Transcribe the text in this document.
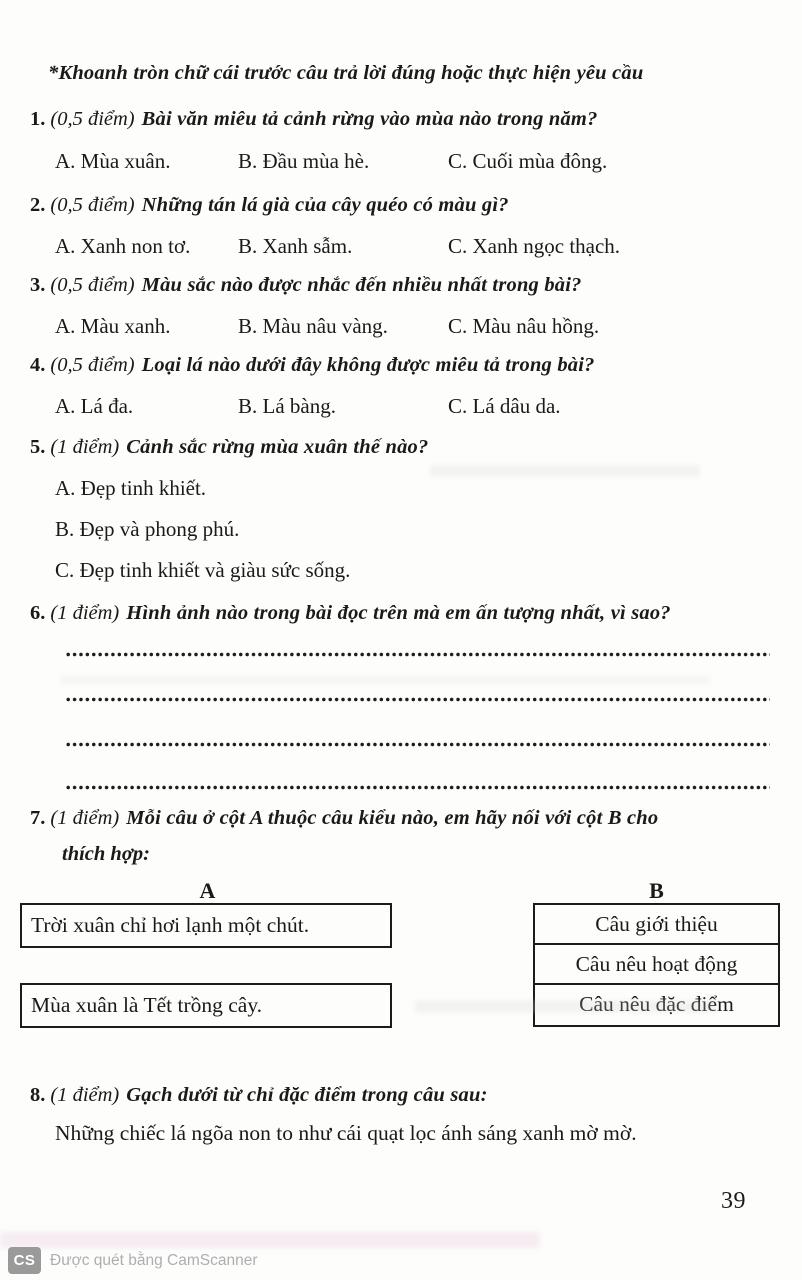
*Khoanh tròn chữ cái trước câu trả lời đúng hoặc thực hiện yêu cầu
1. (0,5 điểm) Bài văn miêu tả cảnh rừng vào mùa nào trong năm?
A. Mùa xuân.	B. Đầu mùa hè.	C. Cuối mùa đông.
2. (0,5 điểm) Những tán lá già của cây quéo có màu gì?
A. Xanh non tơ.	B. Xanh sẫm.	C. Xanh ngọc thạch.
3. (0,5 điểm) Màu sắc nào được nhắc đến nhiều nhất trong bài?
A. Màu xanh.	B. Màu nâu vàng.	C. Màu nâu hồng.
4. (0,5 điểm) Loại lá nào dưới đây không được miêu tả trong bài?
A. Lá đa.	B. Lá bàng.	C. Lá dâu da.
5. (1 điểm) Cảnh sắc rừng mùa xuân thế nào?
A. Đẹp tinh khiết.
B. Đẹp và phong phú.
C. Đẹp tinh khiết và giàu sức sống.
6. (1 điểm) Hình ảnh nào trong bài đọc trên mà em ấn tượng nhất, vì sao?
7. (1 điểm) Mỗi câu ở cột A thuộc câu kiểu nào, em hãy nối với cột B cho
thích hợp:
A	B
Trời xuân chỉ hơi lạnh một chút.
Mùa xuân là Tết trồng cây.
Câu giới thiệu
Câu nêu hoạt động
Câu nêu đặc điểm
8. (1 điểm) Gạch dưới từ chỉ đặc điểm trong câu sau:
Những chiếc lá ngõa non to như cái quạt lọc ánh sáng xanh mờ mờ.
39
CS Được quét bằng CamScanner
